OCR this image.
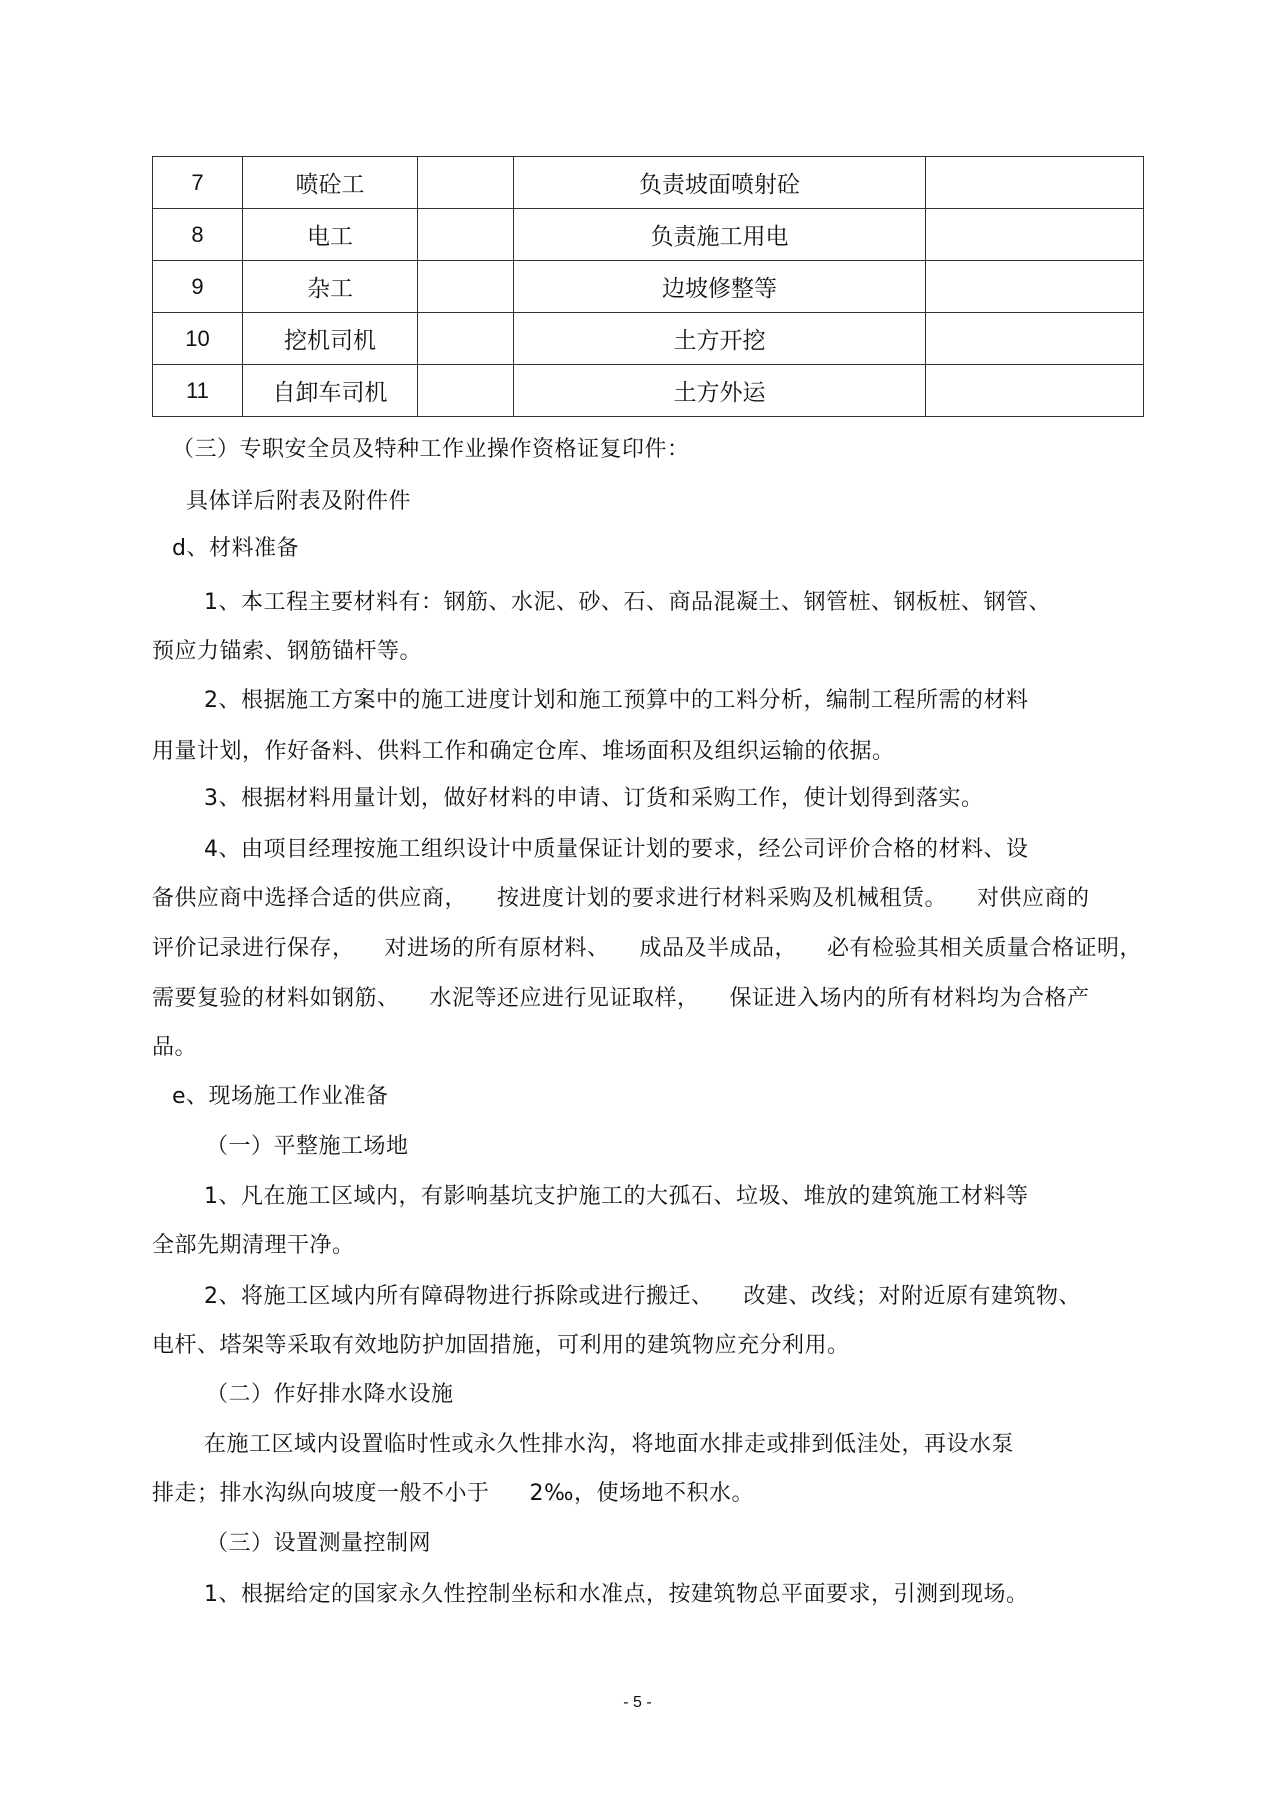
7	喷砼工		负责坡面喷射砼	
8	电工		负责施工用电	
9	杂工		边坡修整等	
10	挖机司机		土方开挖	
11	自卸车司机		土方外运	
（三）专职安全员及特种工作业操作资格证复印件：
具体详后附表及附件件
d、材料准备
1、本工程主要材料有：钢筋、水泥、砂、石、商品混凝土、钢管桩、钢板桩、钢管、
预应力锚索、钢筋锚杆等。
2、根据施工方案中的施工进度计划和施工预算中的工料分析，编制工程所需的材料
用量计划，作好备料、供料工作和确定仓库、堆场面积及组织运输的依据。
3、根据材料用量计划，做好材料的申请、订货和采购工作，使计划得到落实。
4、由项目经理按施工组织设计中质量保证计划的要求，经公司评价合格的材料、设
备供应商中选择合适的供应商， 按进度计划的要求进行材料采购及机械租赁。 对供应商的
评价记录进行保存， 对进场的所有原材料、 成品及半成品， 必有检验其相关质量合格证明，
需要复验的材料如钢筋、 水泥等还应进行见证取样， 保证进入场内的所有材料均为合格产
品。
e、现场施工作业准备
（一）平整施工场地
1、凡在施工区域内，有影响基坑支护施工的大孤石、垃圾、堆放的建筑施工材料等
全部先期清理干净。
2、将施工区域内所有障碍物进行拆除或进行搬迁、 改建、改线；对附近原有建筑物、
电杆、塔架等采取有效地防护加固措施，可利用的建筑物应充分利用。
（二）作好排水降水设施
在施工区域内设置临时性或永久性排水沟，将地面水排走或排到低洼处，再设水泵
排走；排水沟纵向坡度一般不小于 2‰，使场地不积水。
（三）设置测量控制网
1、根据给定的国家永久性控制坐标和水准点，按建筑物总平面要求，引测到现场。
- 5 -
